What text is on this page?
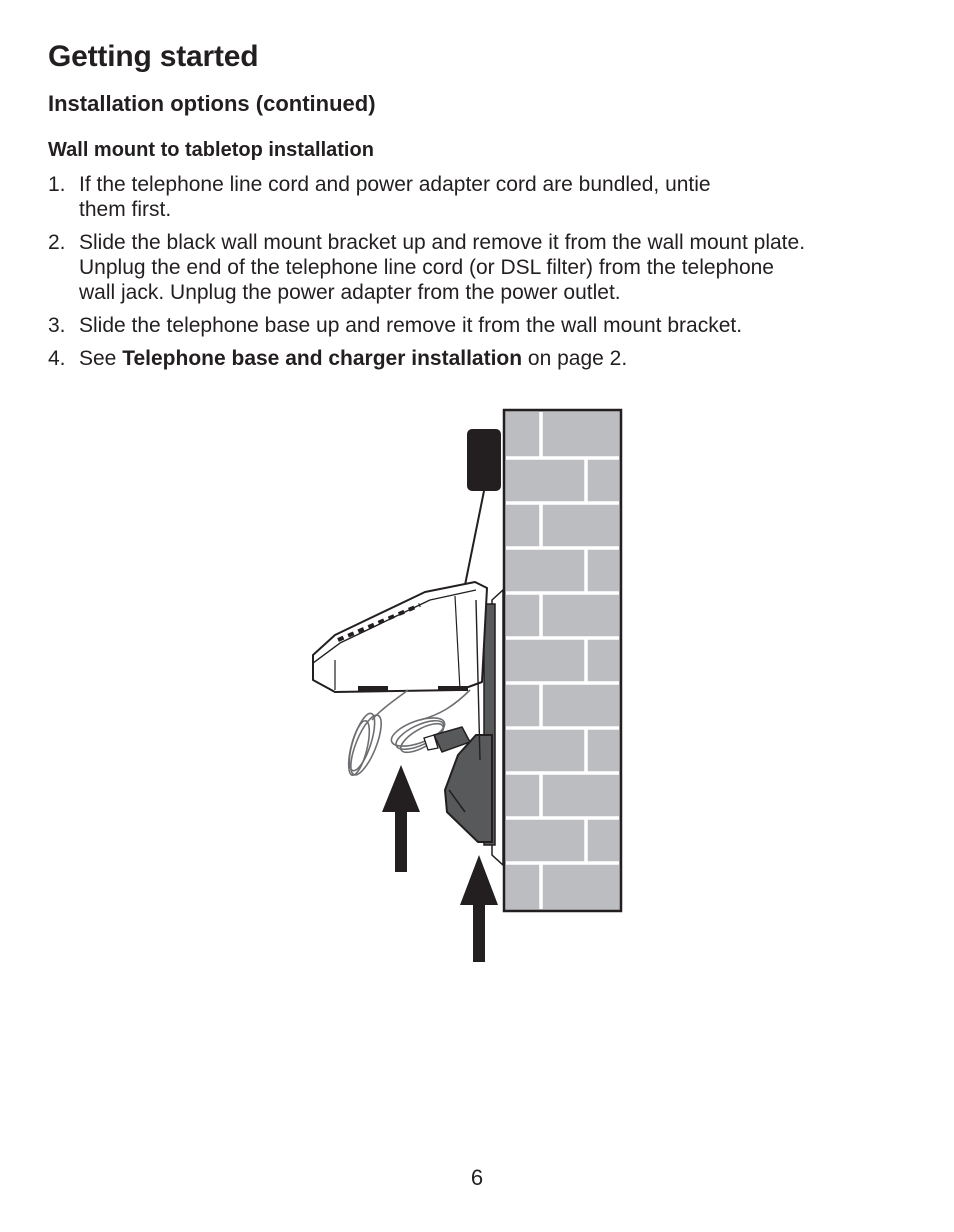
Getting started
Installation options (continued)
Wall mount to tabletop installation
1. If the telephone line cord and power adapter cord are bundled, untie
them first.
2. Slide the black wall mount bracket up and remove it from the wall mount plate.
Unplug the end of the telephone line cord (or DSL filter) from the telephone
wall jack. Unplug the power adapter from the power outlet.
3. Slide the telephone base up and remove it from the wall mount bracket.
4. See Telephone base and charger installation on page 2.
6
